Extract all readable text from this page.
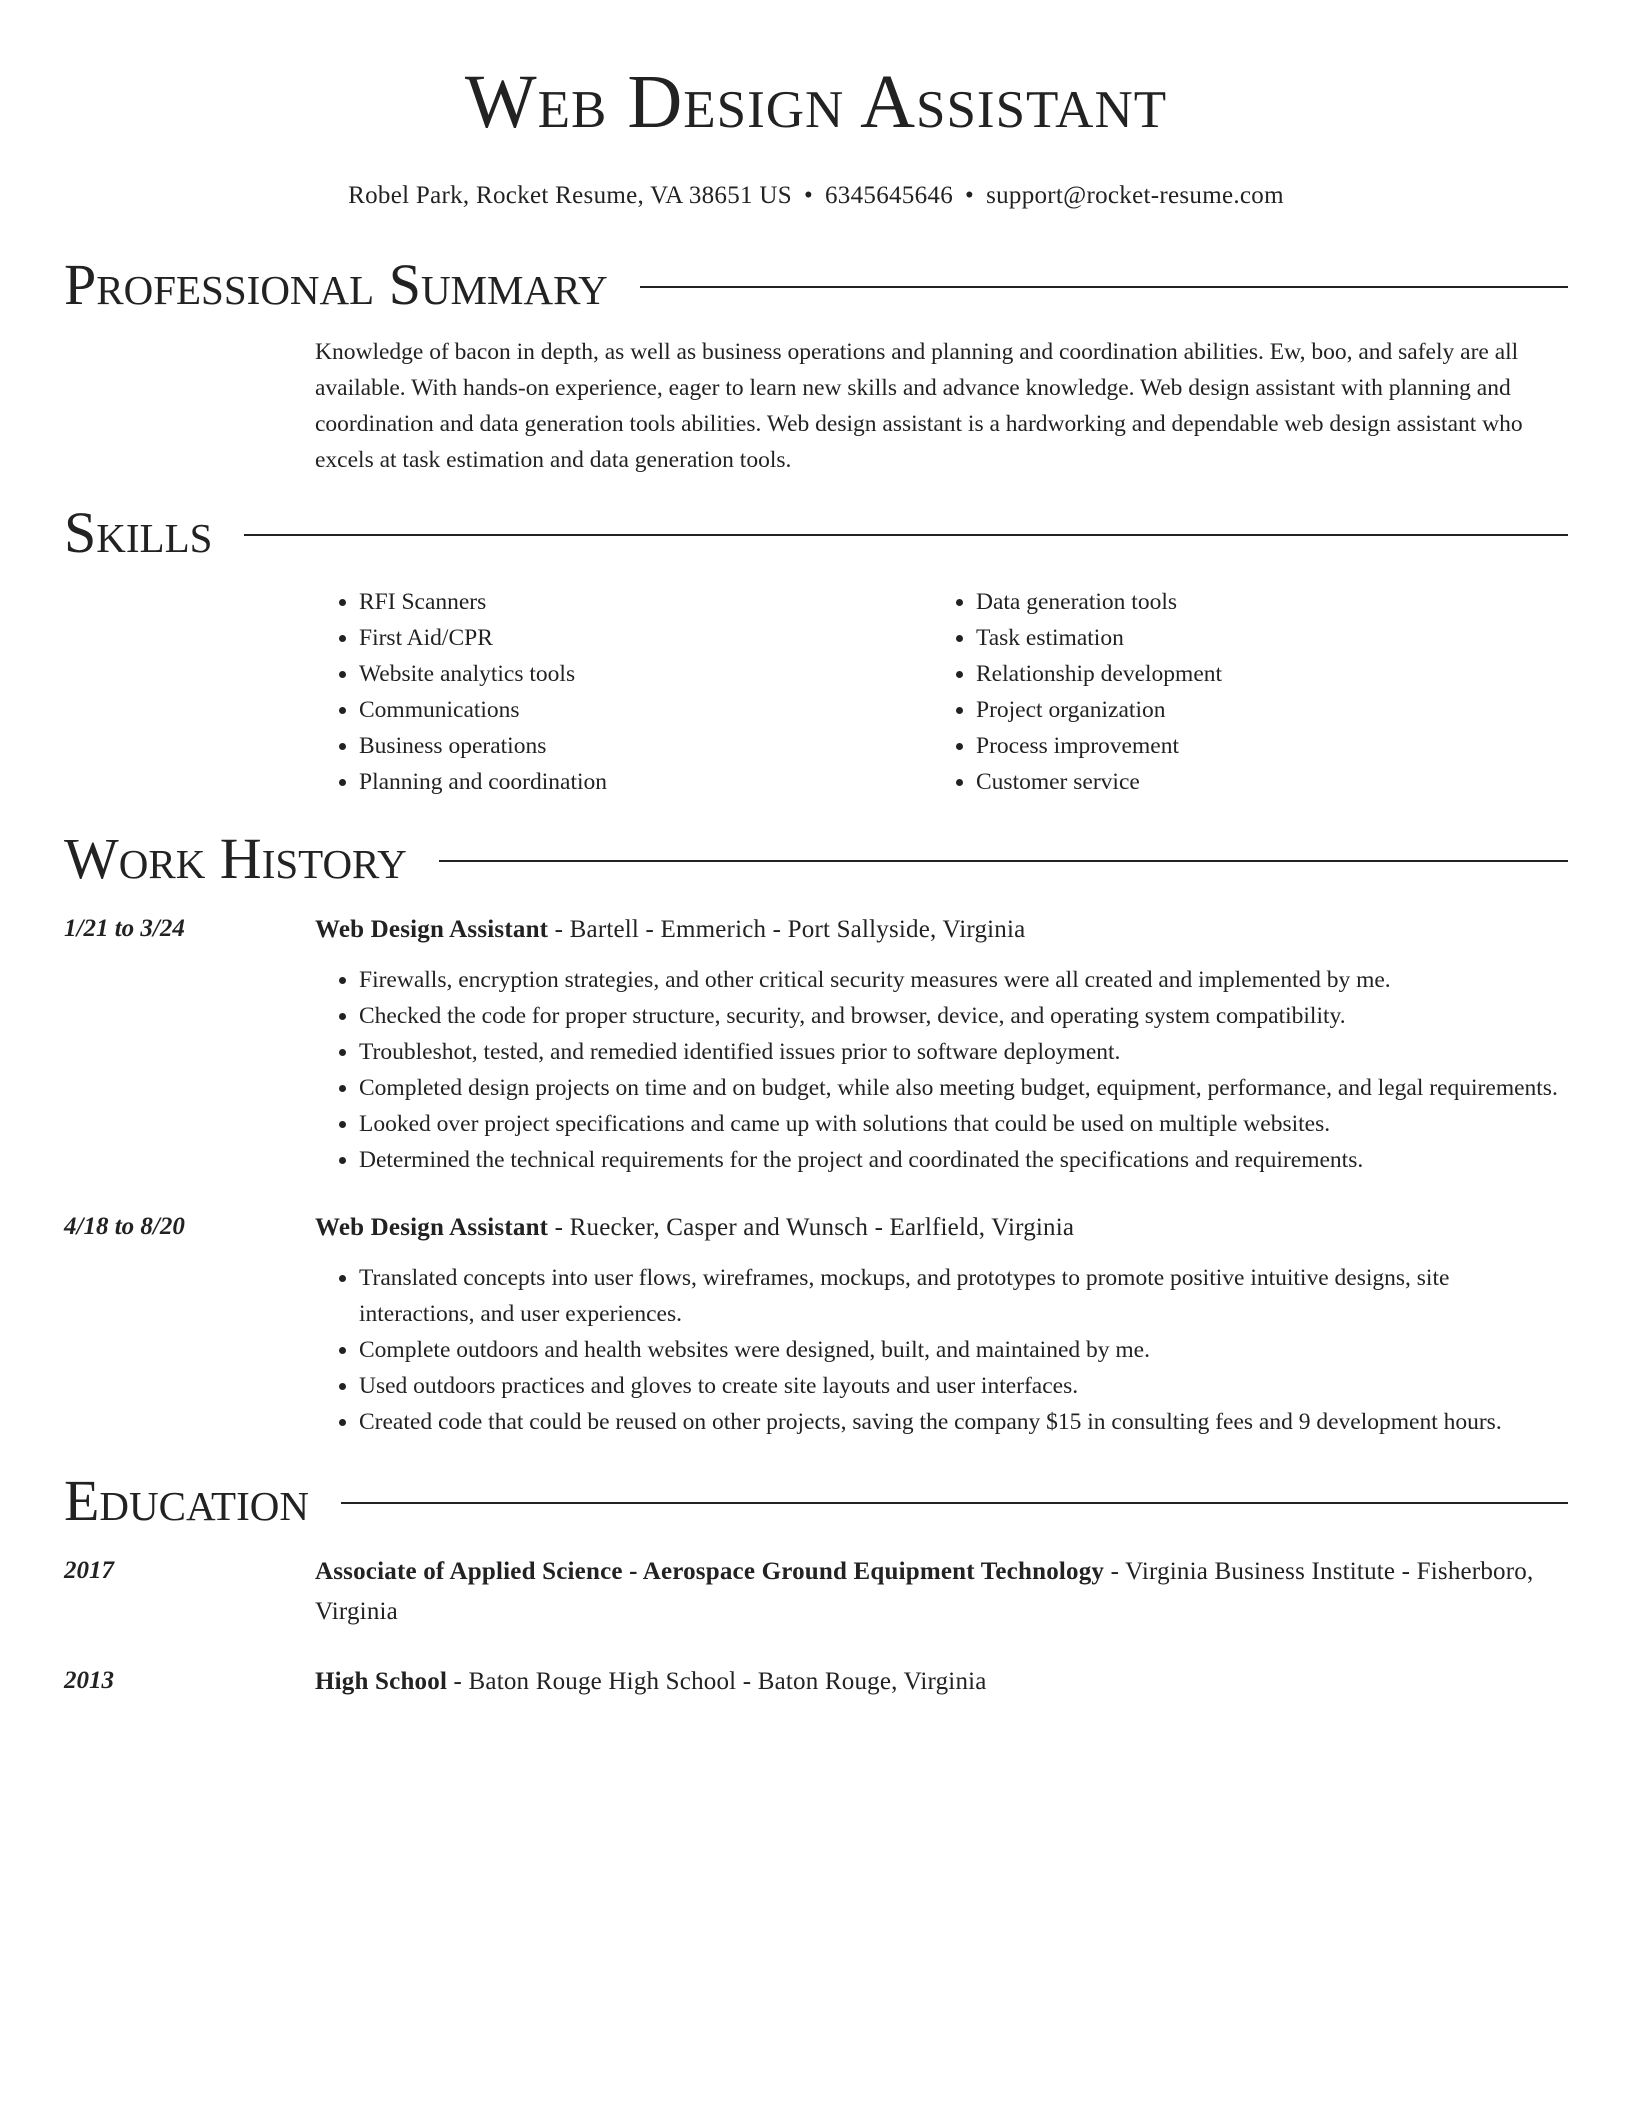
Web Design Assistant
Robel Park, Rocket Resume, VA 38651 US • 6345645646 • support@rocket-resume.com
Professional Summary

Knowledge of bacon in depth, as well as business operations and planning and coordination abilities. Ew, boo, and safely are all available. With hands-on experience, eager to learn new skills and advance knowledge. Web design assistant with planning and coordination and data generation tools abilities. Web design assistant is a hardworking and dependable web design assistant who excels at task estimation and data generation tools.

Skills
• RFI Scanners
• First Aid/CPR
• Website analytics tools
• Communications
• Business operations
• Planning and coordination
• Data generation tools
• Task estimation
• Relationship development
• Project organization
• Process improvement
• Customer service
Work History
1/21 to 3/24	Web Design Assistant - Bartell - Emmerich - Port Sallyside, Virginia
• Firewalls, encryption strategies, and other critical security measures were all created and implemented by me.
• Checked the code for proper structure, security, and browser, device, and operating system compatibility.
• Troubleshot, tested, and remedied identified issues prior to software deployment.
• Completed design projects on time and on budget, while also meeting budget, equipment, performance, and legal requirements.
• Looked over project specifications and came up with solutions that could be used on multiple websites.
• Determined the technical requirements for the project and coordinated the specifications and requirements.
4/18 to 8/20	Web Design Assistant - Ruecker, Casper and Wunsch - Earlfield, Virginia
• Translated concepts into user flows, wireframes, mockups, and prototypes to promote positive intuitive designs, site interactions, and user experiences.
• Complete outdoors and health websites were designed, built, and maintained by me.
• Used outdoors practices and gloves to create site layouts and user interfaces.
• Created code that could be reused on other projects, saving the company $15 in consulting fees and 9 development hours.
Education
2017	Associate of Applied Science - Aerospace Ground Equipment Technology - Virginia Business Institute - Fisherboro, Virginia
2013	High School - Baton Rouge High School - Baton Rouge, Virginia
